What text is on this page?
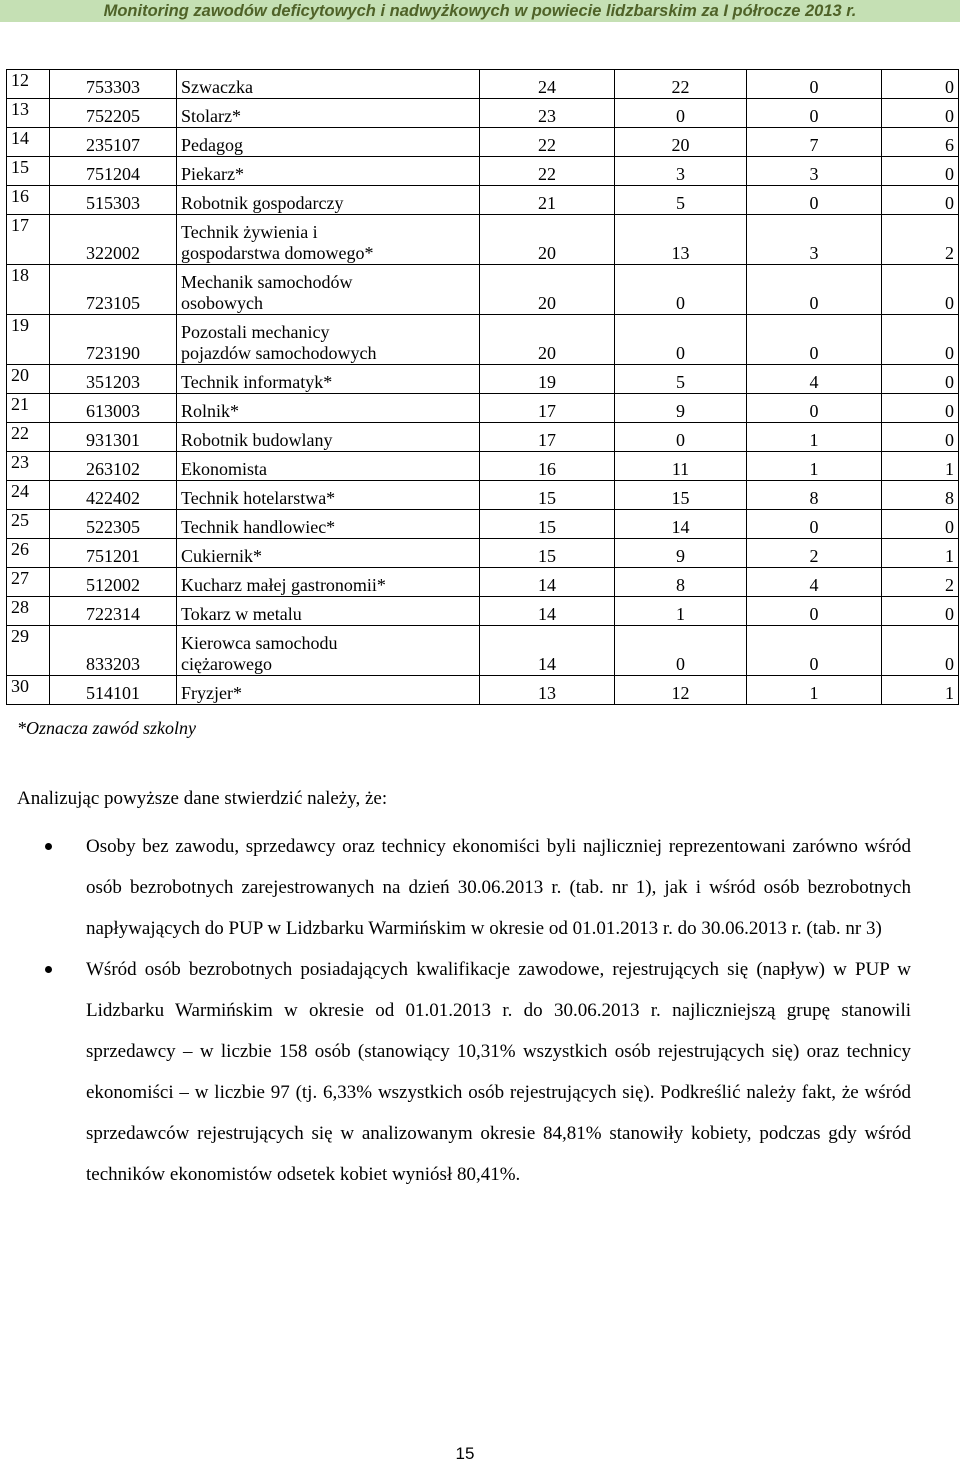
Monitoring zawodów deficytowych i nadwyżkowych w powiecie lidzbarskim za I półrocze 2013 r.
12	753303	Szwaczka	24	22	0	0
13	752205	Stolarz*	23	0	0	0
14	235107	Pedagog	22	20	7	6
15	751204	Piekarz*	22	3	3	0
16	515303	Robotnik gospodarczy	21	5	0	0
17	322002	Technik żywienia i
gospodarstwa domowego*	20	13	3	2
18	723105	Mechanik samochodów
osobowych	20	0	0	0
19	723190	Pozostali mechanicy
pojazdów samochodowych	20	0	0	0
20	351203	Technik informatyk*	19	5	4	0
21	613003	Rolnik*	17	9	0	0
22	931301	Robotnik budowlany	17	0	1	0
23	263102	Ekonomista	16	11	1	1
24	422402	Technik hotelarstwa*	15	15	8	8
25	522305	Technik handlowiec*	15	14	0	0
26	751201	Cukiernik*	15	9	2	1
27	512002	Kucharz małej gastronomii*	14	8	4	2
28	722314	Tokarz w metalu	14	1	0	0
29	833203	Kierowca samochodu
ciężarowego	14	0	0	0
30	514101	Fryzjer*	13	12	1	1
*Oznacza zawód szkolny
Analizując powyższe dane stwierdzić należy, że:
Osoby bez zawodu, sprzedawcy oraz technicy ekonomiści byli najliczniej reprezentowani zarówno wśród osób bezrobotnych zarejestrowanych na dzień 30.06.2013 r. (tab. nr 1), jak i wśród osób bezrobotnych napływających do PUP w Lidzbarku Warmińskim w okresie od 01.01.2013 r. do 30.06.2013 r. (tab. nr 3)
Wśród osób bezrobotnych posiadających kwalifikacje zawodowe, rejestrujących się (napływ) w PUP w Lidzbarku Warmińskim w okresie od 01.01.2013 r. do 30.06.2013 r. najliczniejszą grupę stanowili sprzedawcy – w liczbie 158 osób (stanowiący 10,31% wszystkich osób rejestrujących się) oraz technicy ekonomiści – w liczbie 97 (tj. 6,33% wszystkich osób rejestrujących się). Podkreślić należy fakt, że wśród sprzedawców rejestrujących się w analizowanym okresie 84,81% stanowiły kobiety, podczas gdy wśród techników ekonomistów odsetek kobiet wyniósł 80,41%.
15
